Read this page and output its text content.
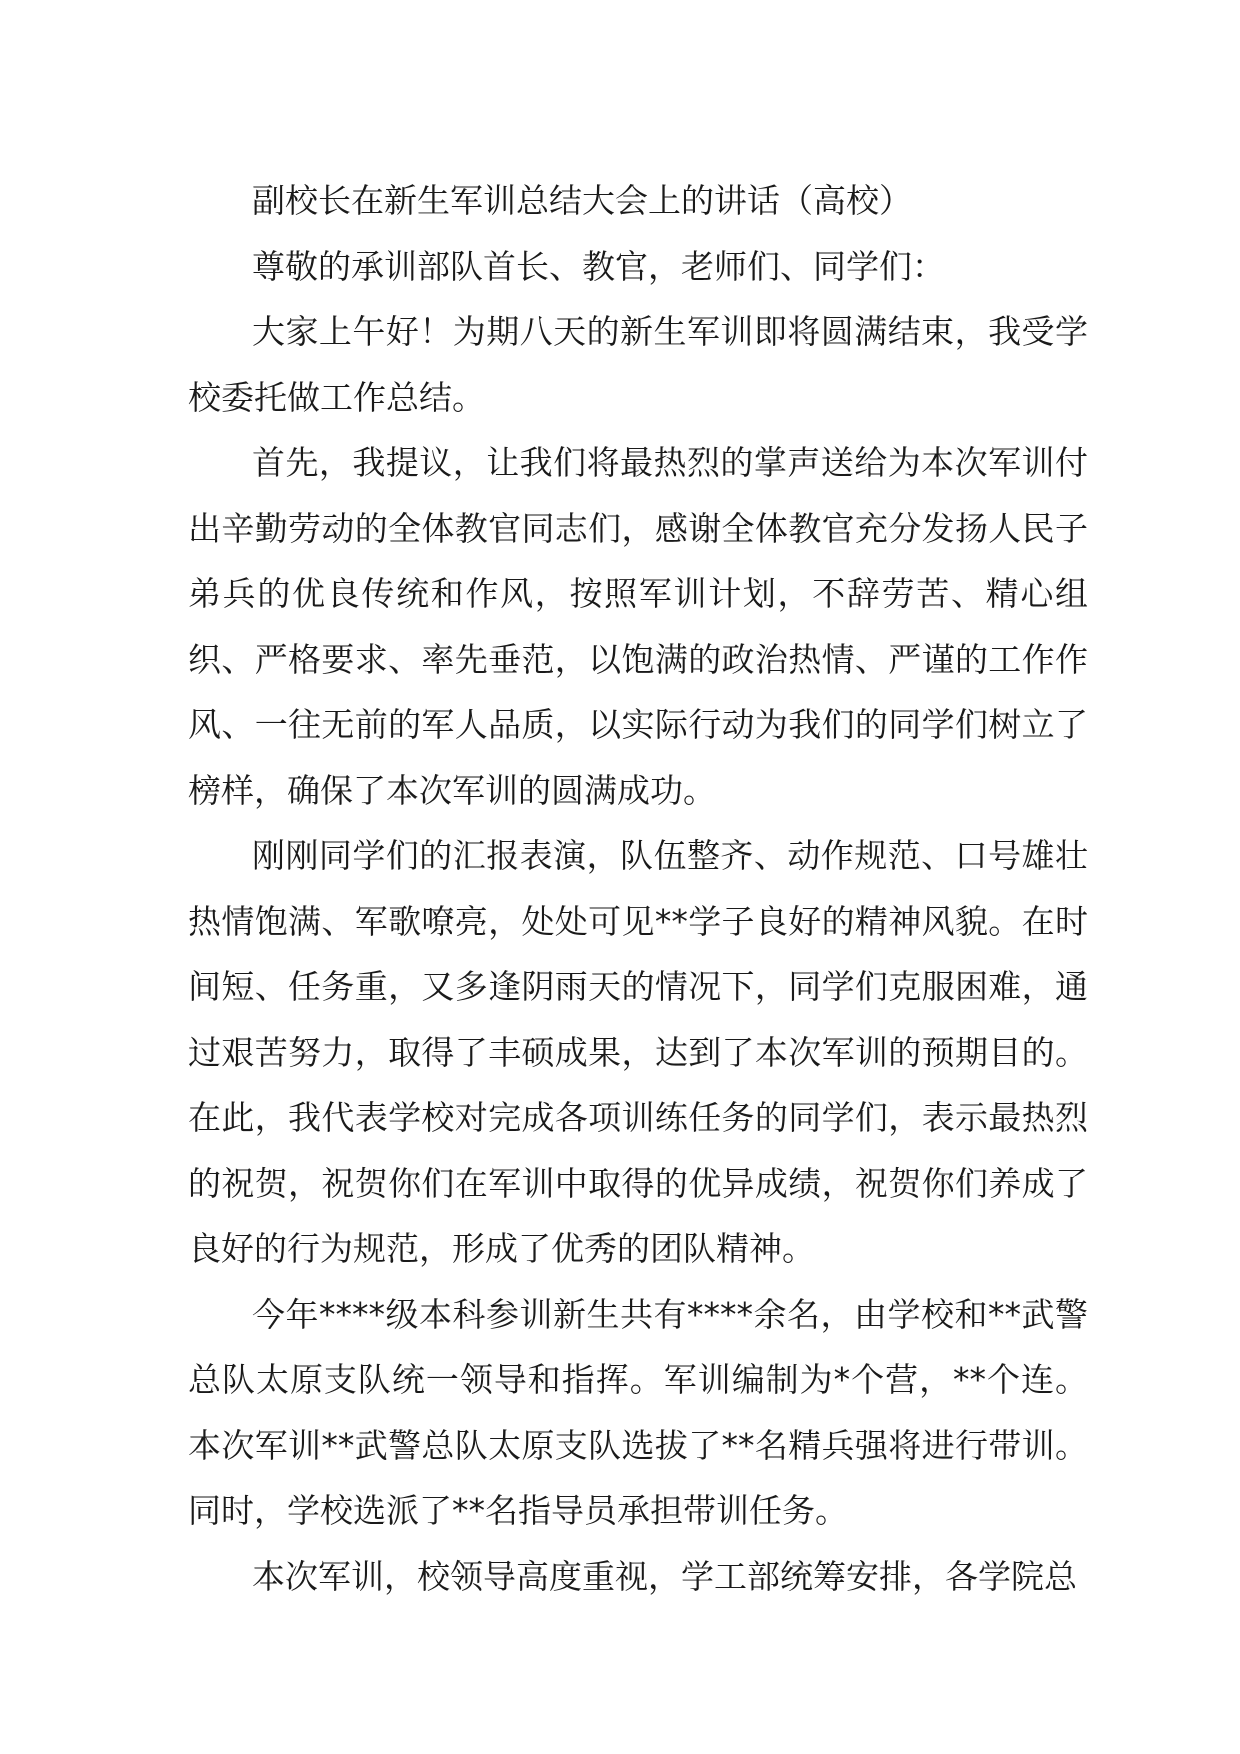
副校长在新生军训总结大会上的讲话（高校）

尊敬的承训部队首长、教官，老师们、同学们：

大家上午好！为期八天的新生军训即将圆满结束，我受学校委托做工作总结。

首先，我提议，让我们将最热烈的掌声送给为本次军训付出辛勤劳动的全体教官同志们，感谢全体教官充分发扬人民子弟兵的优良传统和作风，按照军训计划，不辞劳苦、精心组织、严格要求、率先垂范，以饱满的政治热情、严谨的工作作风、一往无前的军人品质，以实际行动为我们的同学们树立了榜样，确保了本次军训的圆满成功。

刚刚同学们的汇报表演，队伍整齐、动作规范、口号雄壮热情饱满、军歌嘹亮，处处可见**学子良好的精神风貌。在时间短、任务重，又多逢阴雨天的情况下，同学们克服困难，通过艰苦努力，取得了丰硕成果，达到了本次军训的预期目的。在此，我代表学校对完成各项训练任务的同学们，表示最热烈的祝贺，祝贺你们在军训中取得的优异成绩，祝贺你们养成了良好的行为规范，形成了优秀的团队精神。

今年****级本科参训新生共有****余名，由学校和**武警总队太原支队统一领导和指挥。军训编制为*个营，**个连。本次军训**武警总队太原支队选拔了**名精兵强将进行带训。同时，学校选派了**名指导员承担带训任务。

本次军训，校领导高度重视，学工部统筹安排，各学院总
